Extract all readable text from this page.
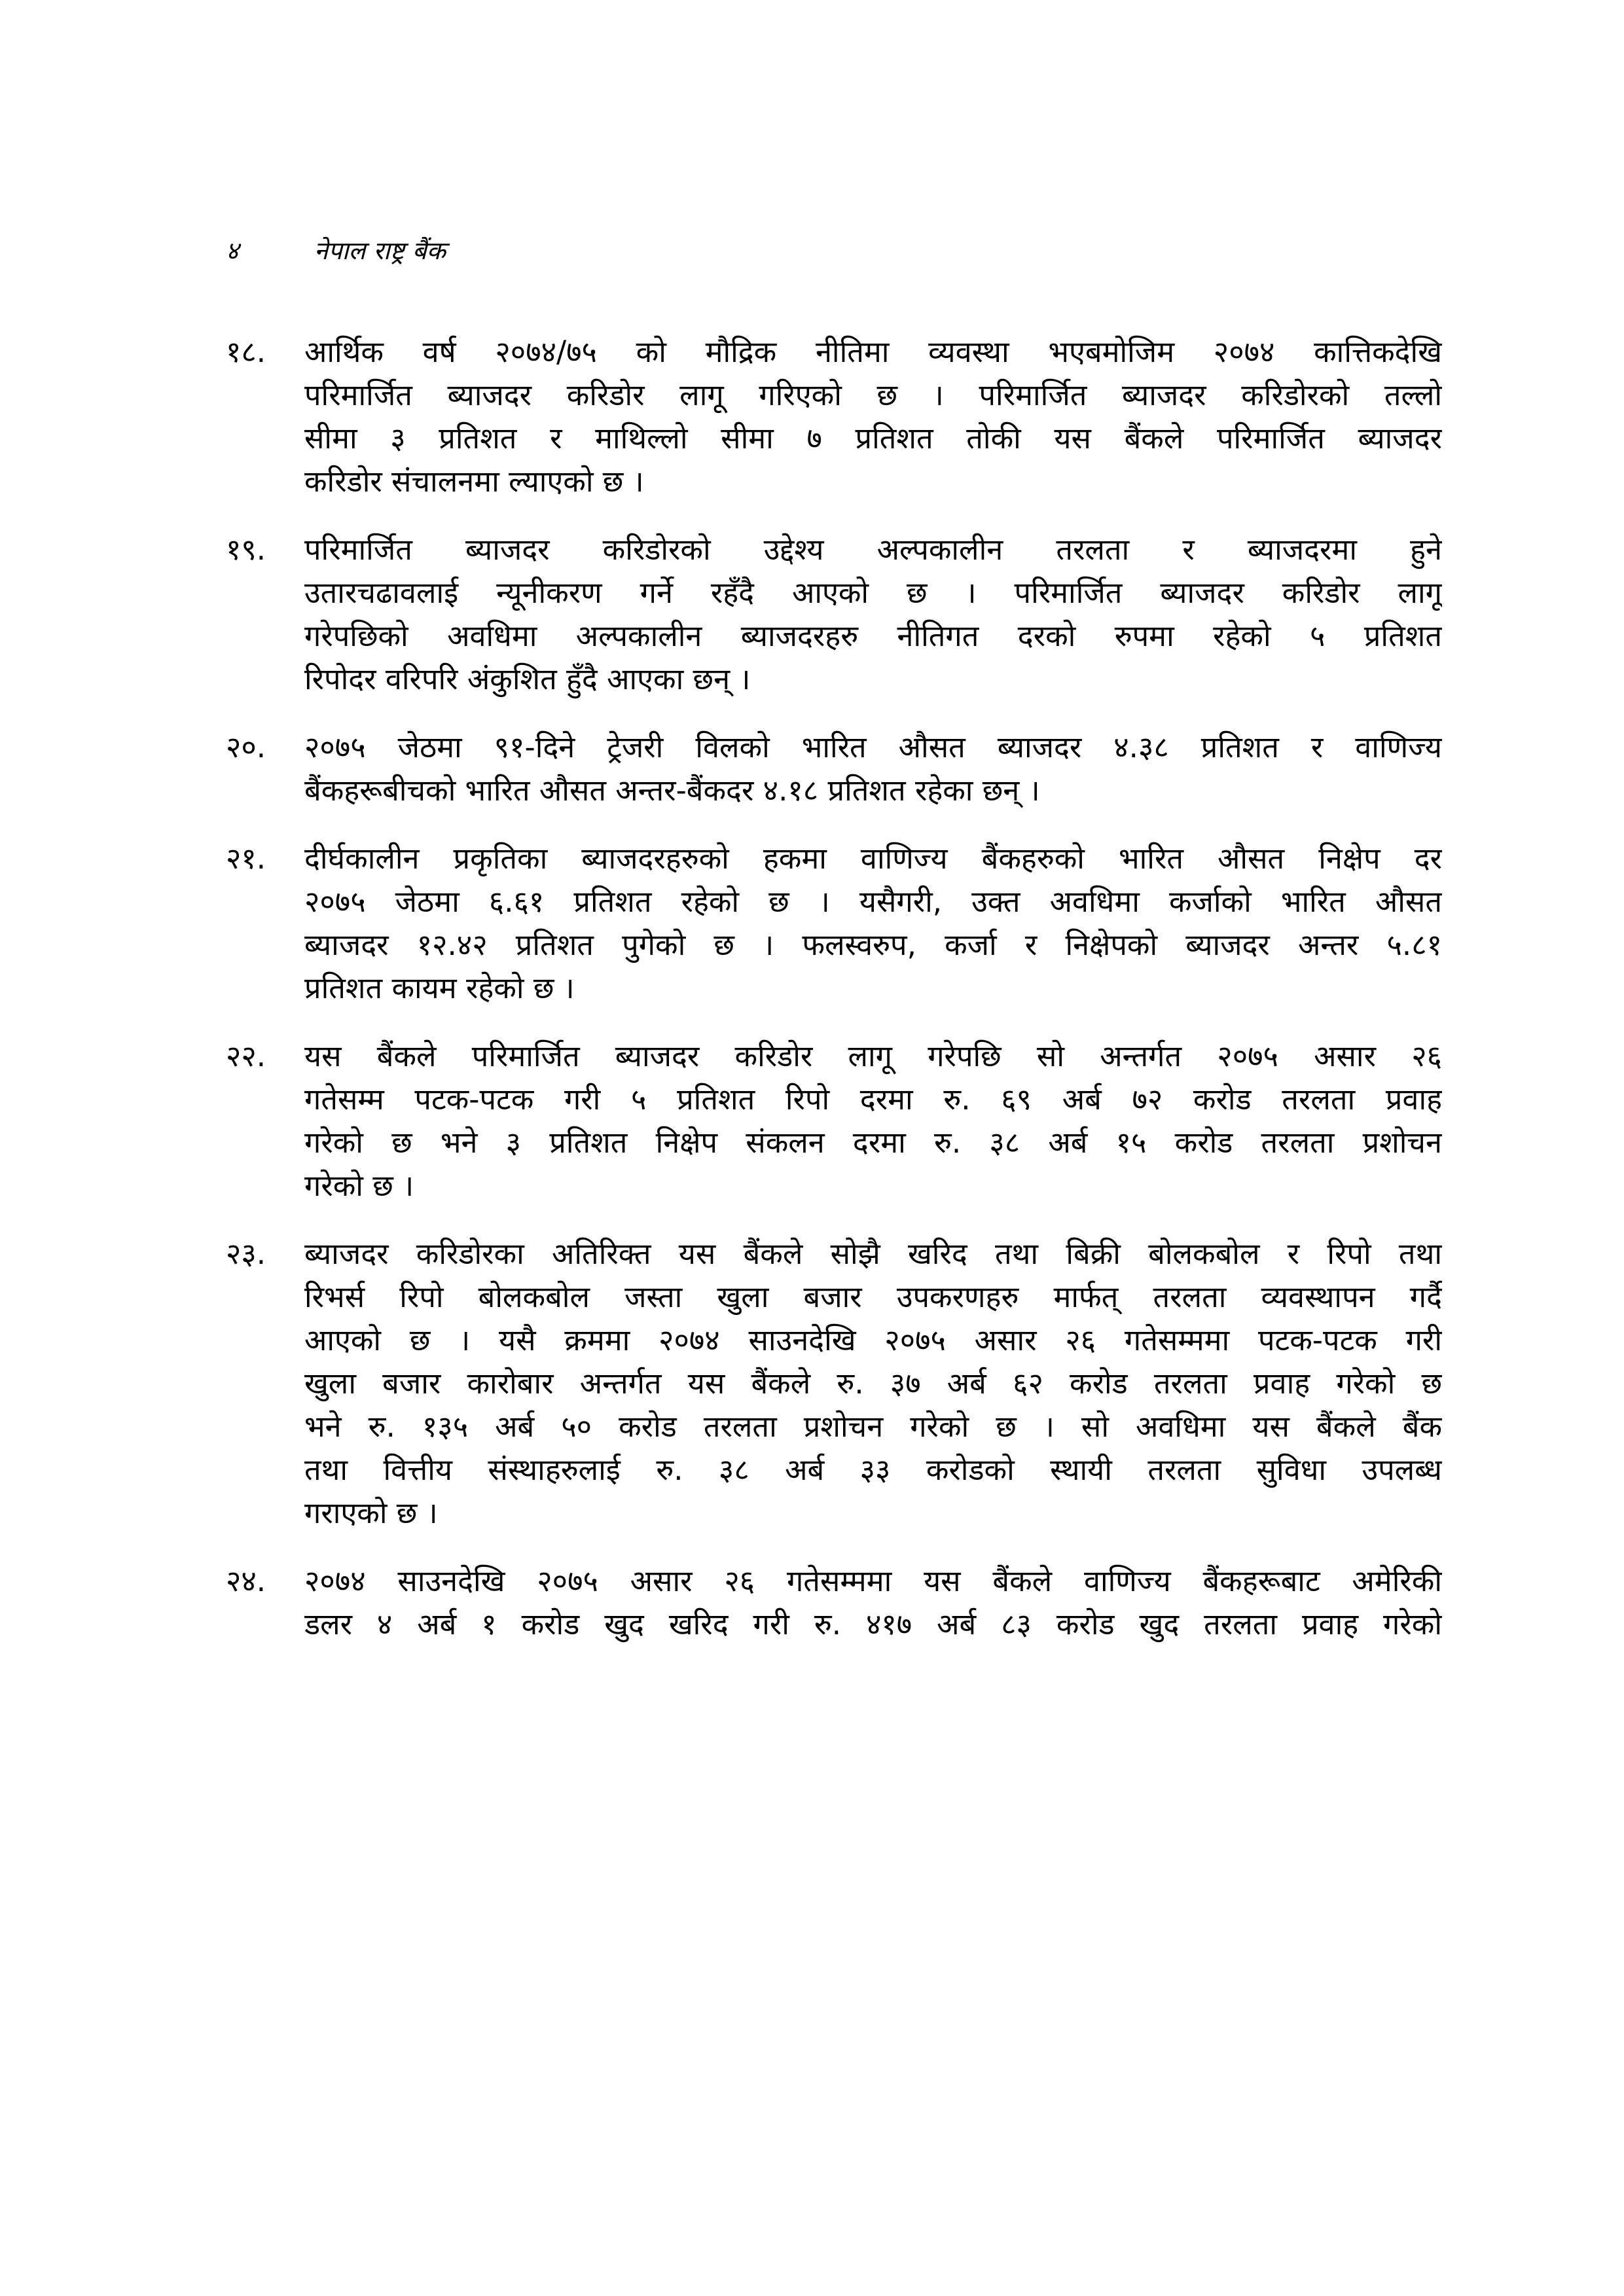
४	नेपाल राष्ट्र बैंक
१८.	आर्थिक वर्ष २०७४/७५ को मौद्रिक नीतिमा व्यवस्था भएबमोजिम २०७४ कात्तिकदेखि
परिमार्जित ब्याजदर करिडोर लागू गरिएको छ । परिमार्जित ब्याजदर करिडोरको तल्लो
सीमा ३ प्रतिशत र माथिल्लो सीमा ७ प्रतिशत तोकी यस बैंकले परिमार्जित ब्याजदर
करिडोर संचालनमा ल्याएको छ ।
१९.	परिमार्जित ब्याजदर करिडोरको उद्देश्य अल्पकालीन तरलता र ब्याजदरमा हुने
उतारचढावलाई न्यूनीकरण गर्ने रहँदै आएको छ । परिमार्जित ब्याजदर करिडोर लागू
गरेपछिको अवधिमा अल्पकालीन ब्याजदरहरु नीतिगत दरको रुपमा रहेको ५ प्रतिशत
रिपोदर वरिपरि अंकुशित हुँदै आएका छन् ।
२०.	२०७५ जेठमा ९१-दिने ट्रेजरी विलको भारित औसत ब्याजदर ४.३८ प्रतिशत र वाणिज्य
बैंकहरूबीचको भारित औसत अन्तर-बैंकदर ४.१८ प्रतिशत रहेका छन् ।
२१.	दीर्घकालीन प्रकृतिका ब्याजदरहरुको हकमा वाणिज्य बैंकहरुको भारित औसत निक्षेप दर
२०७५ जेठमा ६.६१ प्रतिशत रहेको छ । यसैगरी, उक्त अवधिमा कर्जाको भारित औसत
ब्याजदर १२.४२ प्रतिशत पुगेको छ । फलस्वरुप, कर्जा र निक्षेपको ब्याजदर अन्तर ५.८१
प्रतिशत कायम रहेको छ ।
२२.	यस बैंकले परिमार्जित ब्याजदर करिडोर लागू गरेपछि सो अन्तर्गत २०७५ असार २६
गतेसम्म पटक-पटक गरी ५ प्रतिशत रिपो दरमा रु. ६९ अर्ब ७२ करोड तरलता प्रवाह
गरेको छ भने ३ प्रतिशत निक्षेप संकलन दरमा रु. ३८ अर्ब १५ करोड तरलता प्रशोचन
गरेको छ ।
२३.	ब्याजदर करिडोरका अतिरिक्त यस बैंकले सोझै खरिद तथा बिक्री बोलकबोल र रिपो तथा
रिभर्स रिपो बोलकबोल जस्ता खुला बजार उपकरणहरु मार्फत् तरलता व्यवस्थापन गर्दै
आएको छ । यसै क्रममा २०७४ साउनदेखि २०७५ असार २६ गतेसम्ममा पटक-पटक गरी
खुला बजार कारोबार अन्तर्गत यस बैंकले रु. ३७ अर्ब ६२ करोड तरलता प्रवाह गरेको छ
भने रु. १३५ अर्ब ५० करोड तरलता प्रशोचन गरेको छ । सो अवधिमा यस बैंकले बैंक
तथा वित्तीय संस्थाहरुलाई रु. ३८ अर्ब ३३ करोडको स्थायी तरलता सुविधा उपलब्ध
गराएको छ ।
२४.	२०७४ साउनदेखि २०७५ असार २६ गतेसम्ममा यस बैंकले वाणिज्य बैंकहरूबाट अमेरिकी
डलर ४ अर्ब १ करोड खुद खरिद गरी रु. ४१७ अर्ब ८३ करोड खुद तरलता प्रवाह गरेको
